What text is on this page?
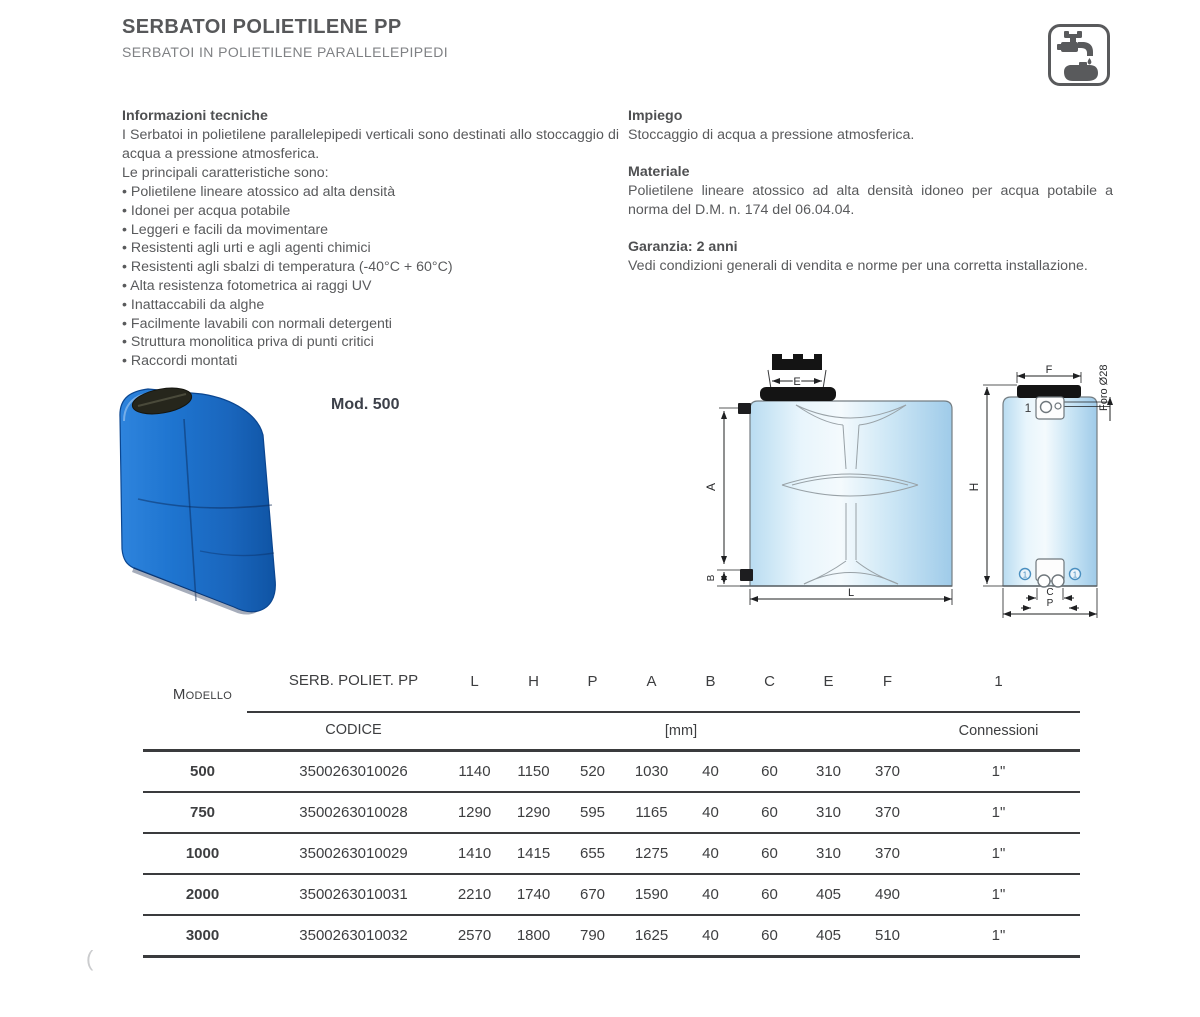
SERBATOI POLIETILENE PP
SERBATOI IN POLIETILENE PARALLELEPIPEDI

Informazioni tecniche

I Serbatoi in polietilene parallelepipedi verticali sono destinati allo stoccaggio di acqua a pressione atmosferica.

Le principali caratteristiche sono:

• Polietilene lineare atossico ad alta densità
• Idonei per acqua potabile
• Leggeri e facili da movimentare
• Resistenti agli urti e agli agenti chimici
• Resistenti agli sbalzi di temperatura (-40°C + 60°C)
• Alta resistenza fotometrica ai raggi UV
• Inattaccabili da alghe
• Facilmente lavabili con normali detergenti
• Struttura monolitica priva di punti critici
• Raccordi montati

Impiego

Stoccaggio di acqua a pressione atmosferica.

Materiale

Polietilene lineare atossico ad alta densità idoneo per acqua potabile a norma del D.M. n. 174 del 06.04.04.

Garanzia: 2 anni

Vedi condizioni generali di vendita e norme per una corretta installazione.

Mod. 500
E
A
B
L
F
H
Foro Ø28
1
1	1
C
P
Modello
SERB. POLIET. PP	L	H	P	A	B	C	E	F	1
CODICE	[mm]	Connessioni
500	3500263010026	1140	1150	520	1030	40	60	310	370	1"
750	3500263010028	1290	1290	595	1165	40	60	310	370	1"
1000	3500263010029	1410	1415	655	1275	40	60	310	370	1"
2000	3500263010031	2210	1740	670	1590	40	60	405	490	1"
3000	3500263010032	2570	1800	790	1625	40	60	405	510	1"
(
